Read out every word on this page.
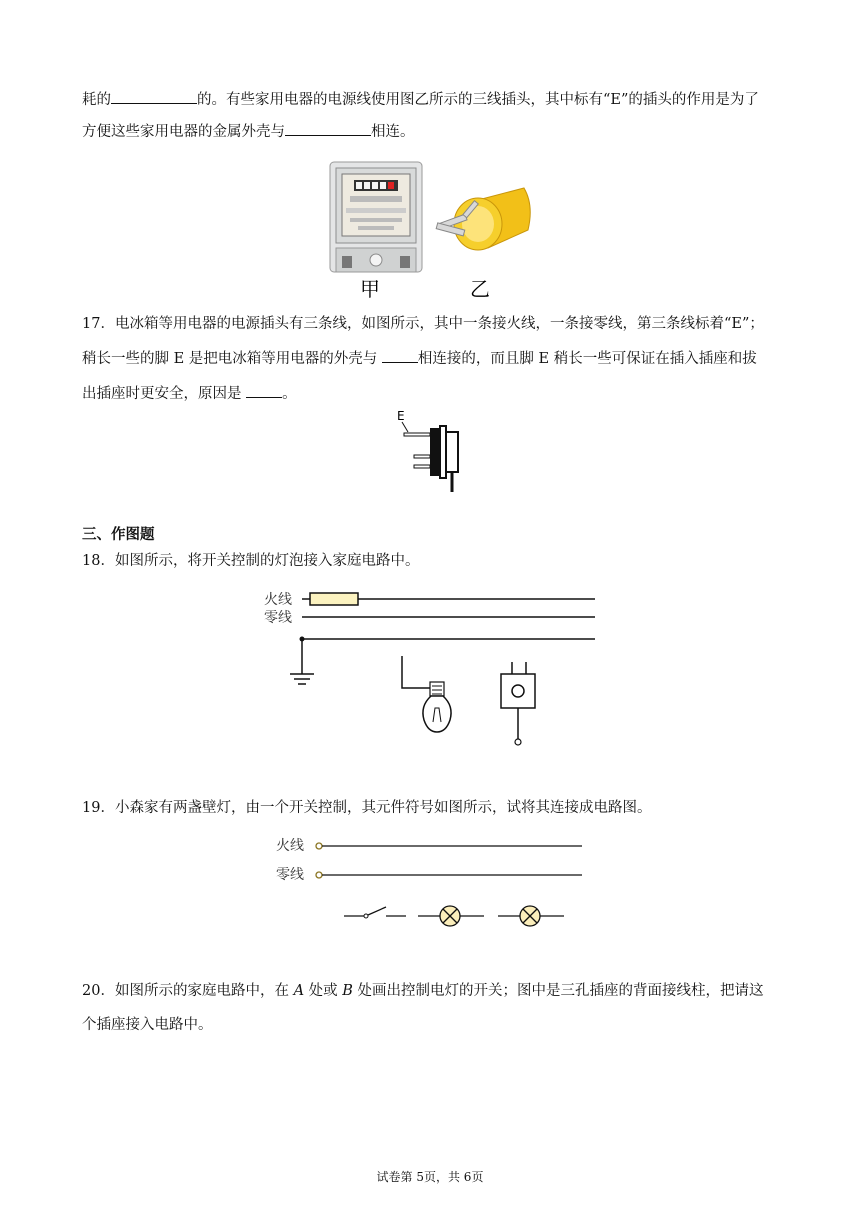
耗的	的。有些家用电器的电源线使用图乙所示的三线插头，其中标有“E”的插头的作用是为了
方便这些家用电器的金属外壳与	相连。
甲	乙
17．电冰箱等用电器的电源插头有三条线，如图所示，其中一条接火线，一条接零线，第三条线标着“E”；
稍长一些的脚 E 是把电冰箱等用电器的外壳与 相连接的，而且脚 E 稍长一些可保证在插入插座和拔
出插座时更安全，原因是 。
E
三、作图题
18．如图所示，将开关控制的灯泡接入家庭电路中。
火线
零线
19．小森家有两盏壁灯，由一个开关控制，其元件符号如图所示，试将其连接成电路图。
火线
零线
20．如图所示的家庭电路中，在 A 处或 B 处画出控制电灯的开关；图中是三孔插座的背面接线柱，把请这
个插座接入电路中。
试卷第 5页，共 6页
